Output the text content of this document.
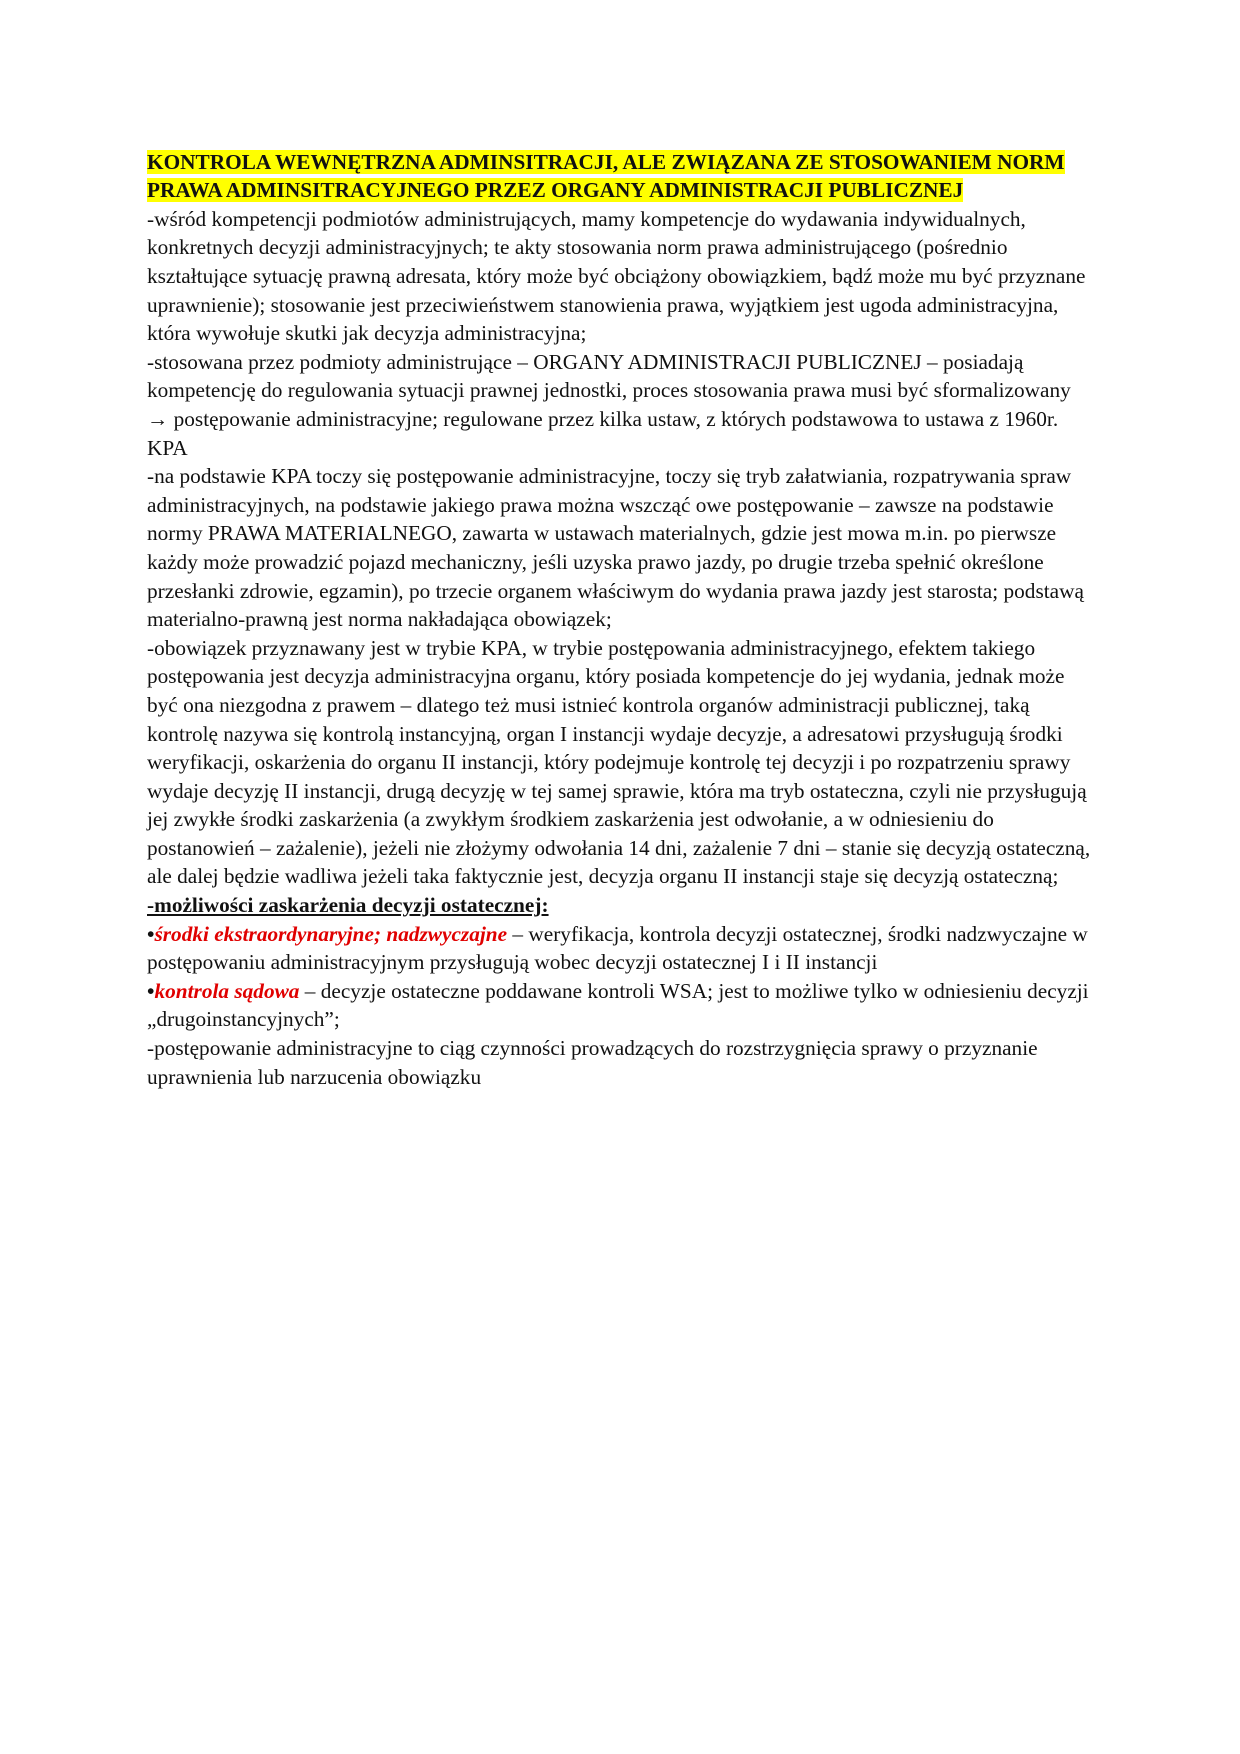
KONTROLA WEWNĘTRZNA ADMINSITRACJI, ALE ZWIĄZANA ZE STOSOWANIEM NORM PRAWA ADMINSITRACYJNEGO PRZEZ ORGANY ADMINISTRACJI PUBLICZNEJ

-wśród kompetencji podmiotów administrujących, mamy kompetencje do wydawania indywidualnych, konkretnych decyzji administracyjnych; te akty stosowania norm prawa administrującego (pośrednio kształtujące sytuację prawną adresata, który może być obciążony obowiązkiem, bądź może mu być przyznane uprawnienie); stosowanie jest przeciwieństwem stanowienia prawa, wyjątkiem jest ugoda administracyjna, która wywołuje skutki jak decyzja administracyjna;

-stosowana przez podmioty administrujące – ORGANY ADMINISTRACJI PUBLICZNEJ – posiadają kompetencję do regulowania sytuacji prawnej jednostki, proces stosowania prawa musi być sformalizowany → postępowanie administracyjne; regulowane przez kilka ustaw, z których podstawowa to ustawa z 1960r. KPA

-na podstawie KPA toczy się postępowanie administracyjne, toczy się tryb załatwiania, rozpatrywania spraw administracyjnych, na podstawie jakiego prawa można wszcząć owe postępowanie – zawsze na podstawie normy PRAWA MATERIALNEGO, zawarta w ustawach materialnych, gdzie jest mowa m.in. po pierwsze każdy może prowadzić pojazd mechaniczny, jeśli uzyska prawo jazdy, po drugie trzeba spełnić określone przesłanki zdrowie, egzamin), po trzecie organem właściwym do wydania prawa jazdy jest starosta; podstawą materialno-prawną jest norma nakładająca obowiązek;

-obowiązek przyznawany jest w trybie KPA, w trybie postępowania administracyjnego, efektem takiego postępowania jest decyzja administracyjna organu, który posiada kompetencje do jej wydania, jednak może być ona niezgodna z prawem – dlatego też musi istnieć kontrola organów administracji publicznej, taką kontrolę nazywa się kontrolą instancyjną, organ I instancji wydaje decyzje, a adresatowi przysługują środki weryfikacji, oskarżenia do organu II instancji, który podejmuje kontrolę tej decyzji i po rozpatrzeniu sprawy wydaje decyzję II instancji, drugą decyzję w tej samej sprawie, która ma tryb ostateczna, czyli nie przysługują jej zwykłe środki zaskarżenia (a zwykłym środkiem zaskarżenia jest odwołanie, a w odniesieniu do postanowień – zażalenie), jeżeli nie złożymy odwołania 14 dni, zażalenie 7 dni – stanie się decyzją ostateczną, ale dalej będzie wadliwa jeżeli taka faktycznie jest, decyzja organu II instancji staje się decyzją ostateczną;

-możliwości zaskarżenia decyzji ostatecznej:

•środki ekstraordynaryjne; nadzwyczajne – weryfikacja, kontrola decyzji ostatecznej, środki nadzwyczajne w postępowaniu administracyjnym przysługują wobec decyzji ostatecznej I i II instancji

•kontrola sądowa – decyzje ostateczne poddawane kontroli WSA; jest to możliwe tylko w odniesieniu decyzji „drugoinstancyjnych”;

-postępowanie administracyjne to ciąg czynności prowadzących do rozstrzygnięcia sprawy o przyznanie uprawnienia lub narzucenia obowiązku
